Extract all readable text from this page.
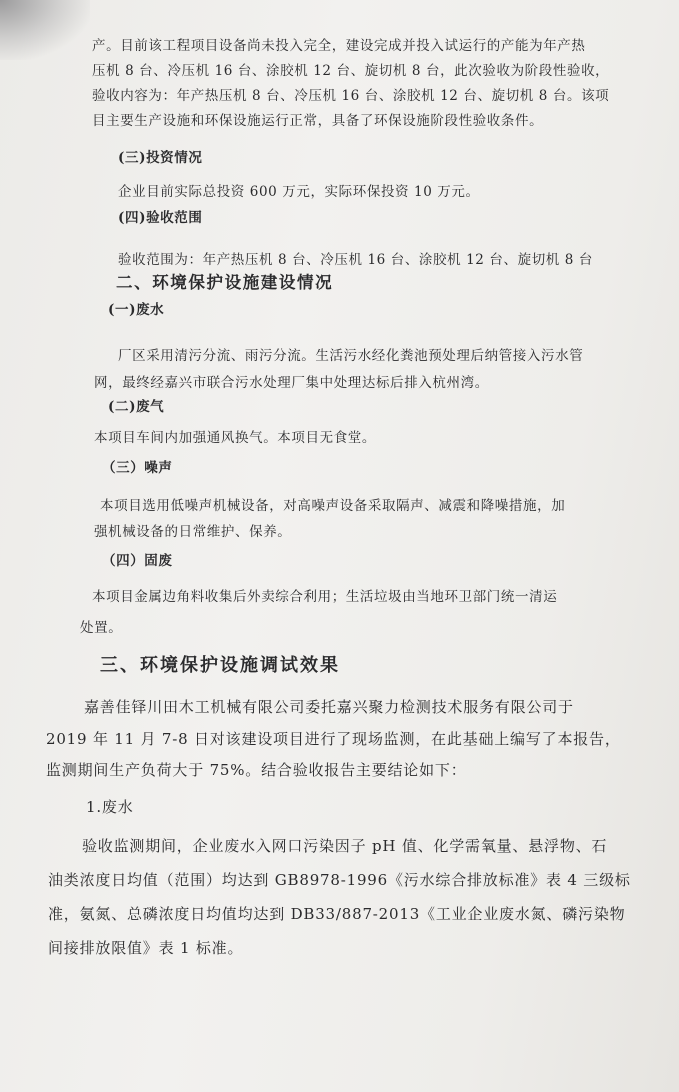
产。目前该工程项目设备尚未投入完全，建设完成并投入试运行的产能为年产热

压机 8 台、冷压机 16 台、涂胶机 12 台、旋切机 8 台，此次验收为阶段性验收，

验收内容为：年产热压机 8 台、冷压机 16 台、涂胶机 12 台、旋切机 8 台。该项

目主要生产设施和环保设施运行正常，具备了环保设施阶段性验收条件。

(三)投资情况

企业目前实际总投资 600 万元，实际环保投资 10 万元。

(四)验收范围

验收范围为：年产热压机 8 台、冷压机 16 台、涂胶机 12 台、旋切机 8 台

二、环境保护设施建设情况

(一)废水

厂区采用清污分流、雨污分流。生活污水经化粪池预处理后纳管接入污水管

网，最终经嘉兴市联合污水处理厂集中处理达标后排入杭州湾。

(二)废气

本项目车间内加强通风换气。本项目无食堂。

（三）噪声

本项目选用低噪声机械设备，对高噪声设备采取隔声、减震和降噪措施，加

强机械设备的日常维护、保养。

（四）固废

本项目金属边角料收集后外卖综合利用；生活垃圾由当地环卫部门统一清运

处置。

三、环境保护设施调试效果

嘉善佳铎川田木工机械有限公司委托嘉兴聚力检测技术服务有限公司于

2019 年 11 月 7-8 日对该建设项目进行了现场监测，在此基础上编写了本报告，

监测期间生产负荷大于 75%。结合验收报告主要结论如下：

1.废水

验收监测期间，企业废水入网口污染因子 pH 值、化学需氧量、悬浮物、石

油类浓度日均值（范围）均达到 GB8978-1996《污水综合排放标准》表 4 三级标

准，氨氮、总磷浓度日均值均达到 DB33/887-2013《工业企业废水氮、磷污染物

间接排放限值》表 1 标准。
